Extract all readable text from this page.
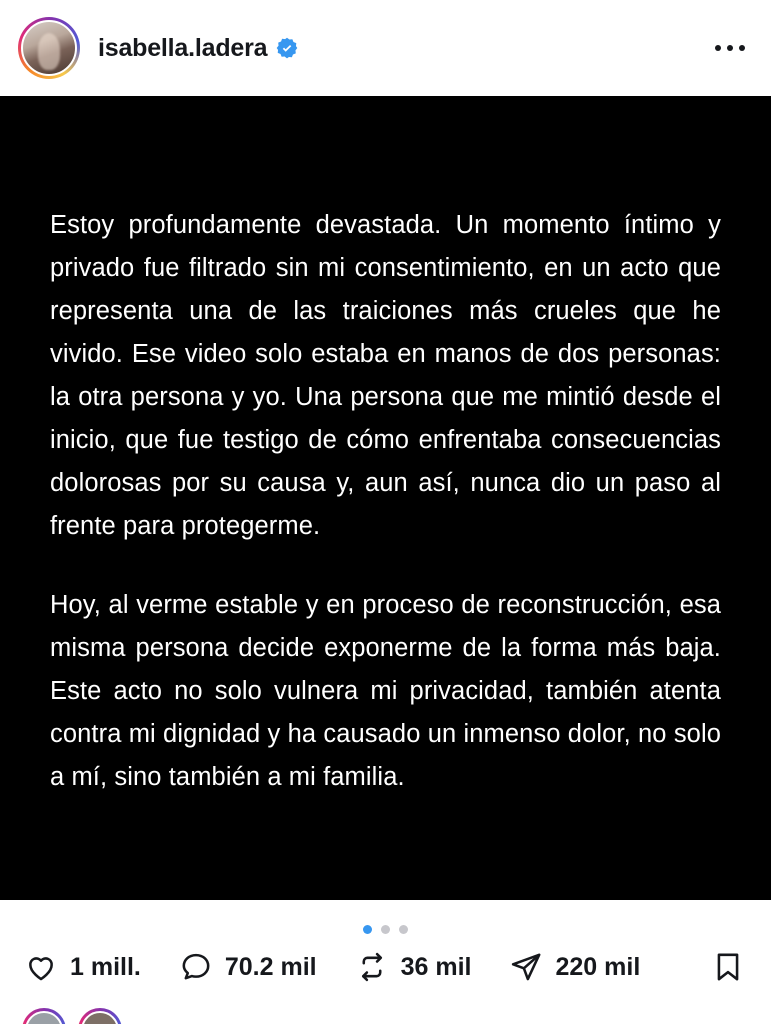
isabella.ladera

Estoy profundamente devastada. Un momento íntimo y privado fue filtrado sin mi consentimiento, en un acto que representa una de las traiciones más crueles que he vivido. Ese video solo estaba en manos de dos personas: la otra persona y yo. Una persona que me mintió desde el inicio, que fue testigo de cómo enfrentaba consecuencias dolorosas por su causa y, aun así, nunca dio un paso al frente para protegerme.

Hoy, al verme estable y en proceso de reconstrucción, esa misma persona decide exponerme de la forma más baja. Este acto no solo vulnera mi privacidad, también atenta contra mi dignidad y ha causado un inmenso dolor, no solo a mí, sino también a mi familia.

1 mill.	70.2 mil	36 mil	220 mil
